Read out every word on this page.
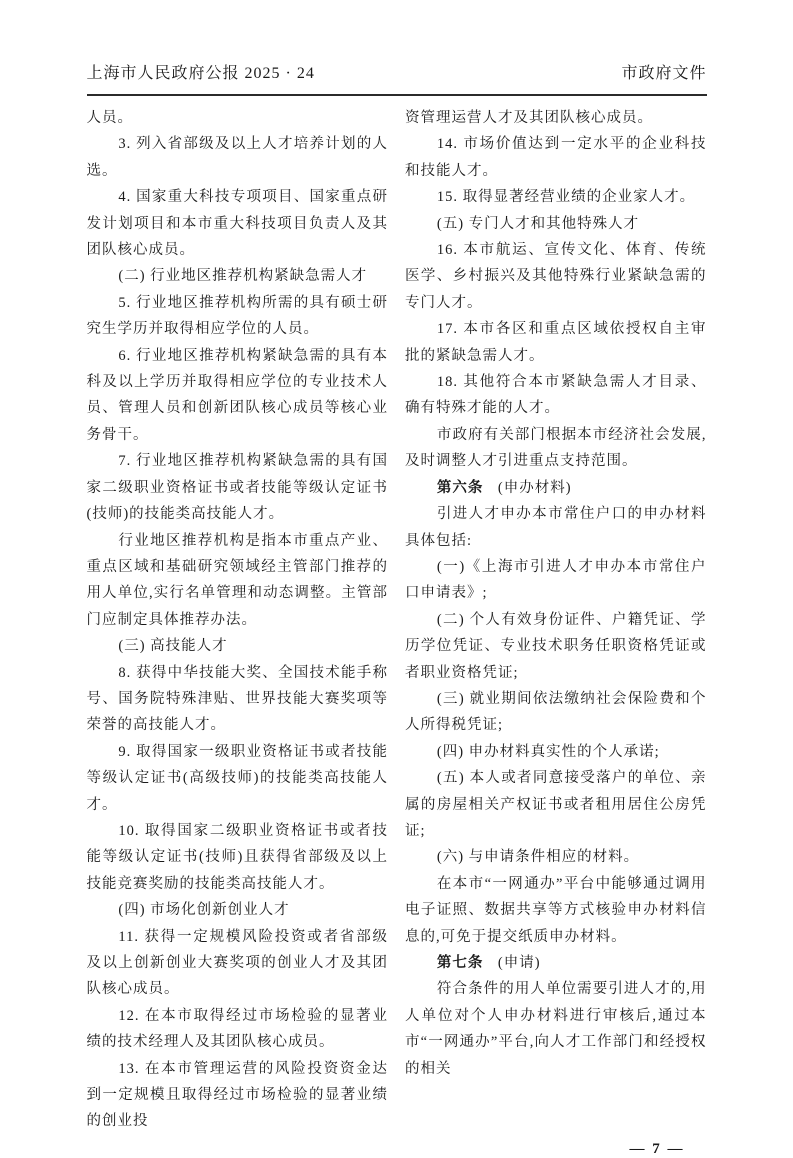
上海市人民政府公报 2025 · 24	市政府文件

人员。

3. 列入省部级及以上人才培养计划的人选。

4. 国家重大科技专项项目、国家重点研发计划项目和本市重大科技项目负责人及其团队核心成员。

(二) 行业地区推荐机构紧缺急需人才

5. 行业地区推荐机构所需的具有硕士研究生学历并取得相应学位的人员。

6. 行业地区推荐机构紧缺急需的具有本科及以上学历并取得相应学位的专业技术人员、管理人员和创新团队核心成员等核心业务骨干。

7. 行业地区推荐机构紧缺急需的具有国家二级职业资格证书或者技能等级认定证书(技师)的技能类高技能人才。

行业地区推荐机构是指本市重点产业、重点区域和基础研究领域经主管部门推荐的用人单位,实行名单管理和动态调整。主管部门应制定具体推荐办法。

(三) 高技能人才

8. 获得中华技能大奖、全国技术能手称号、国务院特殊津贴、世界技能大赛奖项等荣誉的高技能人才。

9. 取得国家一级职业资格证书或者技能等级认定证书(高级技师)的技能类高技能人才。

10. 取得国家二级职业资格证书或者技能等级认定证书(技师)且获得省部级及以上技能竞赛奖励的技能类高技能人才。

(四) 市场化创新创业人才

11. 获得一定规模风险投资或者省部级及以上创新创业大赛奖项的创业人才及其团队核心成员。

12. 在本市取得经过市场检验的显著业绩的技术经理人及其团队核心成员。

13. 在本市管理运营的风险投资资金达到一定规模且取得经过市场检验的显著业绩的创业投

资管理运营人才及其团队核心成员。

14. 市场价值达到一定水平的企业科技和技能人才。

15. 取得显著经营业绩的企业家人才。

(五) 专门人才和其他特殊人才

16. 本市航运、宣传文化、体育、传统医学、乡村振兴及其他特殊行业紧缺急需的专门人才。

17. 本市各区和重点区域依授权自主审批的紧缺急需人才。

18. 其他符合本市紧缺急需人才目录、确有特殊才能的人才。

市政府有关部门根据本市经济社会发展,及时调整人才引进重点支持范围。

第六条 (申办材料)

引进人才申办本市常住户口的申办材料具体包括:

(一)《上海市引进人才申办本市常住户口申请表》;

(二) 个人有效身份证件、户籍凭证、学历学位凭证、专业技术职务任职资格凭证或者职业资格凭证;

(三) 就业期间依法缴纳社会保险费和个人所得税凭证;

(四) 申办材料真实性的个人承诺;

(五) 本人或者同意接受落户的单位、亲属的房屋相关产权证书或者租用居住公房凭证;

(六) 与申请条件相应的材料。

在本市“一网通办”平台中能够通过调用电子证照、数据共享等方式核验申办材料信息的,可免于提交纸质申办材料。

第七条 (申请)

符合条件的用人单位需要引进人才的,用人单位对个人申办材料进行审核后,通过本市“一网通办”平台,向人才工作部门和经授权的相关

— 7 —
